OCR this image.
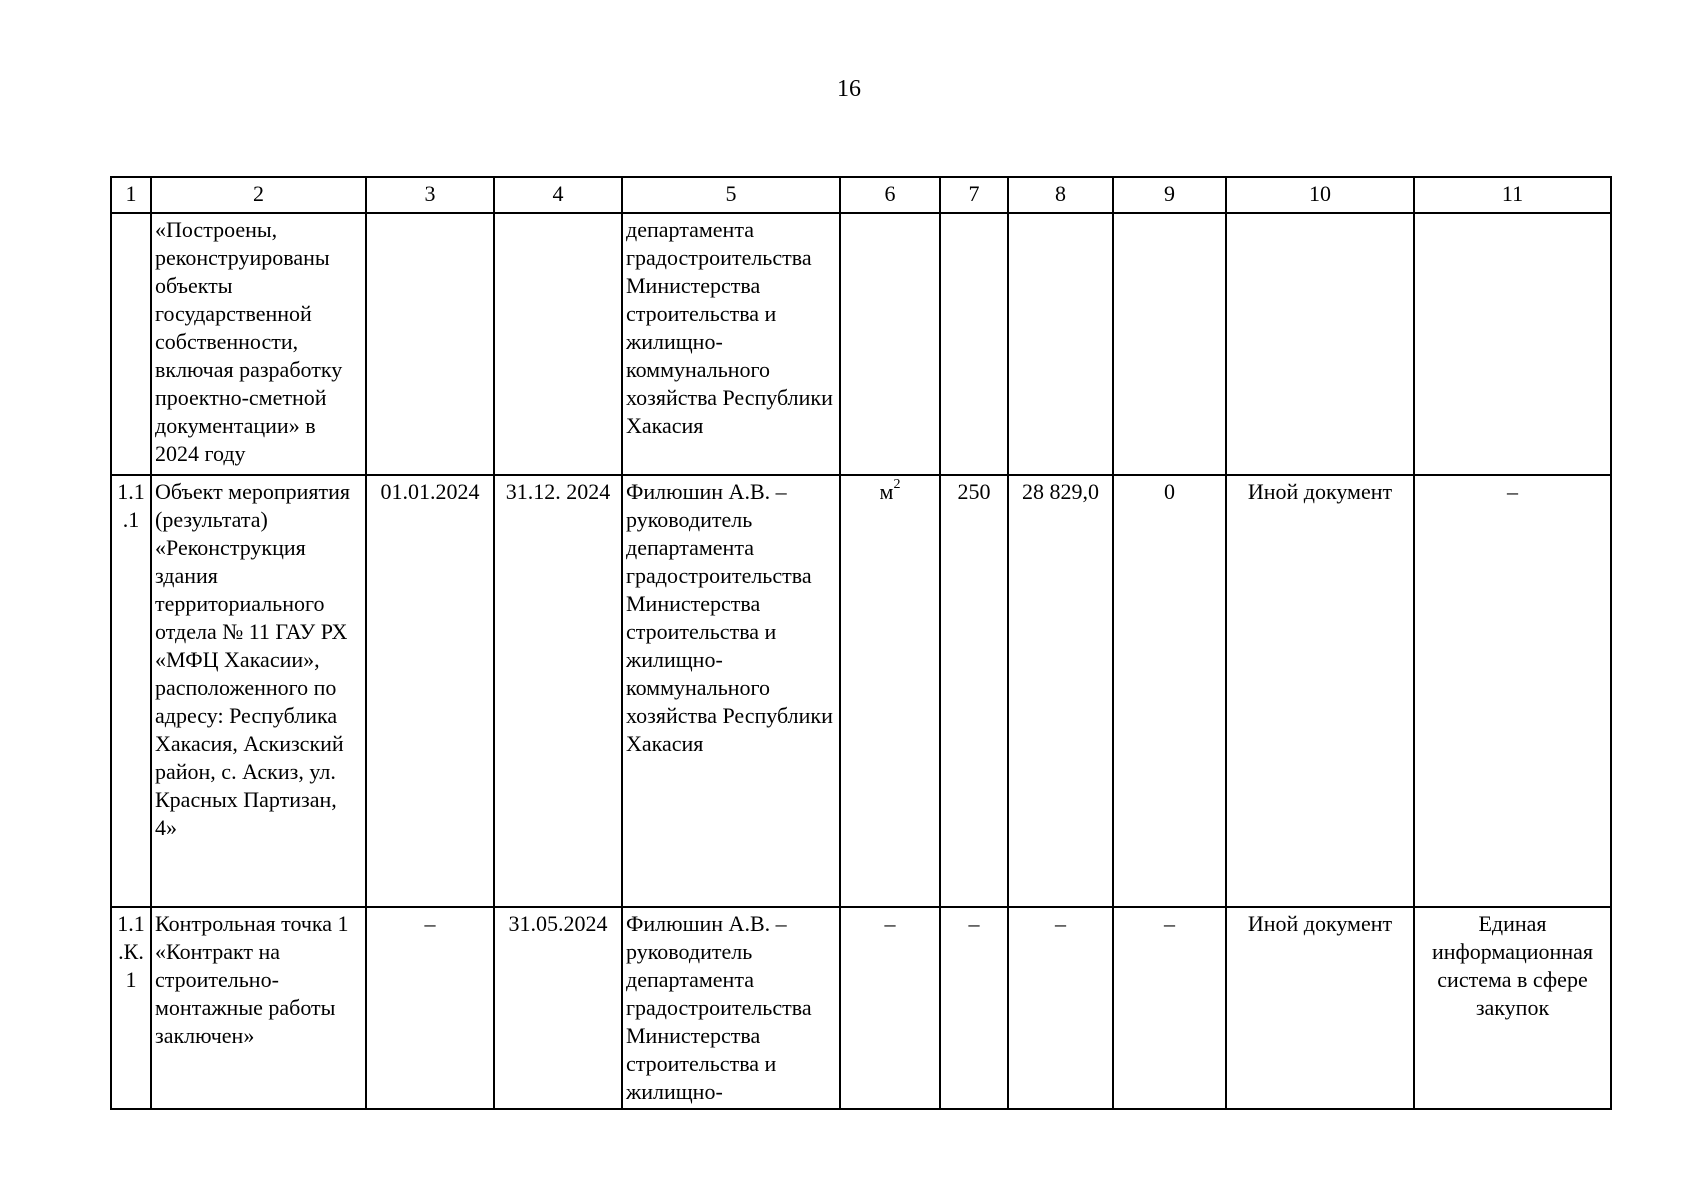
16
1	2	3	4	5	6	7	8	9	10	11
	«Построены, реконструированы объекты государственной собственности, включая разработку проектно-сметной документации» в 2024 году			департамента градостроительства Министерства строительства и жилищно-коммунального хозяйства Республики Хакасия						
1.1.1	Объект мероприятия (результата) «Реконструкция здания территориального отдела № 11 ГАУ РХ «МФЦ Хакасии», расположенного по адресу: Республика Хакасия, Аскизский район, с. Аскиз, ул. Красных Партизан, 4»	01.01.2024	31.12. 2024	Филюшин А.В. – руководитель департамента градостроительства Министерства строительства и жилищно-коммунального хозяйства Республики Хакасия	$м^2$	250	28 829,0	0	Иной документ	–
1.1.К.1	Контрольная точка 1 «Контракт на строительно-монтажные работы заключен»	–	31.05.2024	Филюшин А.В. – руководитель департамента градостроительства Министерства строительства и жилищно-	–	–	–	–	Иной документ	Единая информационная система в сфере закупок
